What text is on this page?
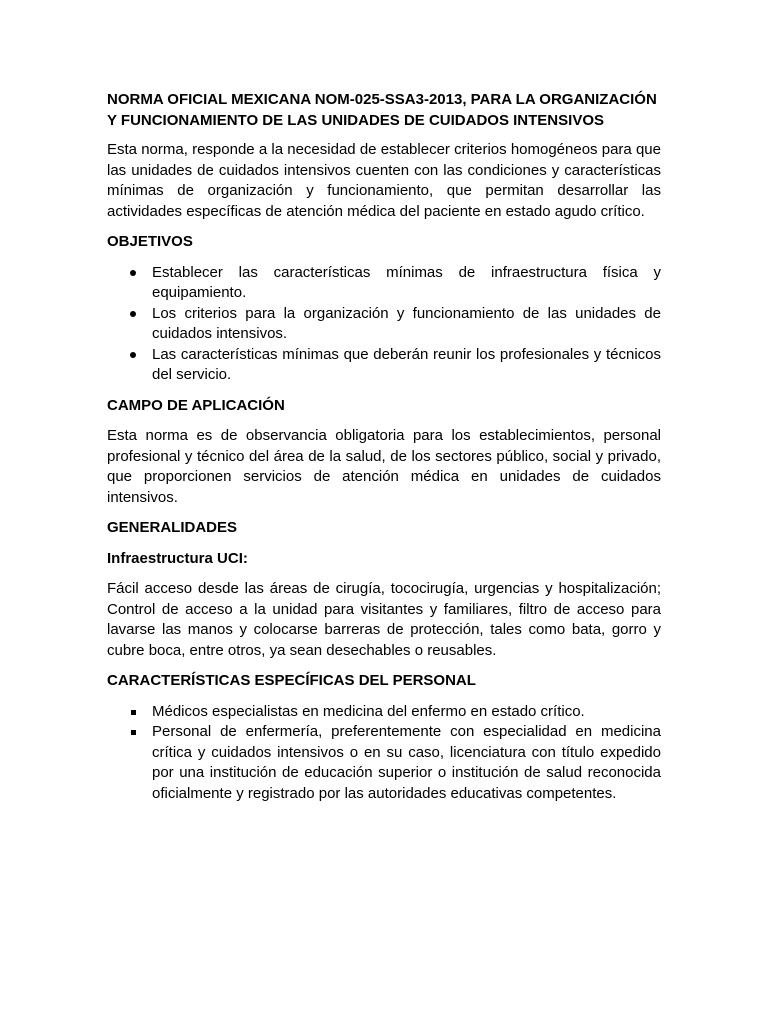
NORMA OFICIAL MEXICANA NOM-025-SSA3-2013, PARA LA ORGANIZACIÓN Y FUNCIONAMIENTO DE LAS UNIDADES DE CUIDADOS INTENSIVOS

Esta norma, responde a la necesidad de establecer criterios homogéneos para que las unidades de cuidados intensivos cuenten con las condiciones y características mínimas de organización y funcionamiento, que permitan desarrollar las actividades específicas de atención médica del paciente en estado agudo crítico.

OBJETIVOS
Establecer las características mínimas de infraestructura física y equipamiento.
Los criterios para la organización y funcionamiento de las unidades de cuidados intensivos.
Las características mínimas que deberán reunir los profesionales y técnicos del servicio.
CAMPO DE APLICACIÓN

Esta norma es de observancia obligatoria para los establecimientos, personal profesional y técnico del área de la salud, de los sectores público, social y privado, que proporcionen servicios de atención médica en unidades de cuidados intensivos.

GENERALIDADES
Infraestructura UCI:

Fácil acceso desde las áreas de cirugía, tococirugía, urgencias y hospitalización; Control de acceso a la unidad para visitantes y familiares, filtro de acceso para lavarse las manos y colocarse barreras de protección, tales como bata, gorro y cubre boca, entre otros, ya sean desechables o reusables.

CARACTERÍSTICAS ESPECÍFICAS DEL PERSONAL
Médicos especialistas en medicina del enfermo en estado crítico.
Personal de enfermería, preferentemente con especialidad en medicina crítica y cuidados intensivos o en su caso, licenciatura con título expedido por una institución de educación superior o institución de salud reconocida oficialmente y registrado por las autoridades educativas competentes.
